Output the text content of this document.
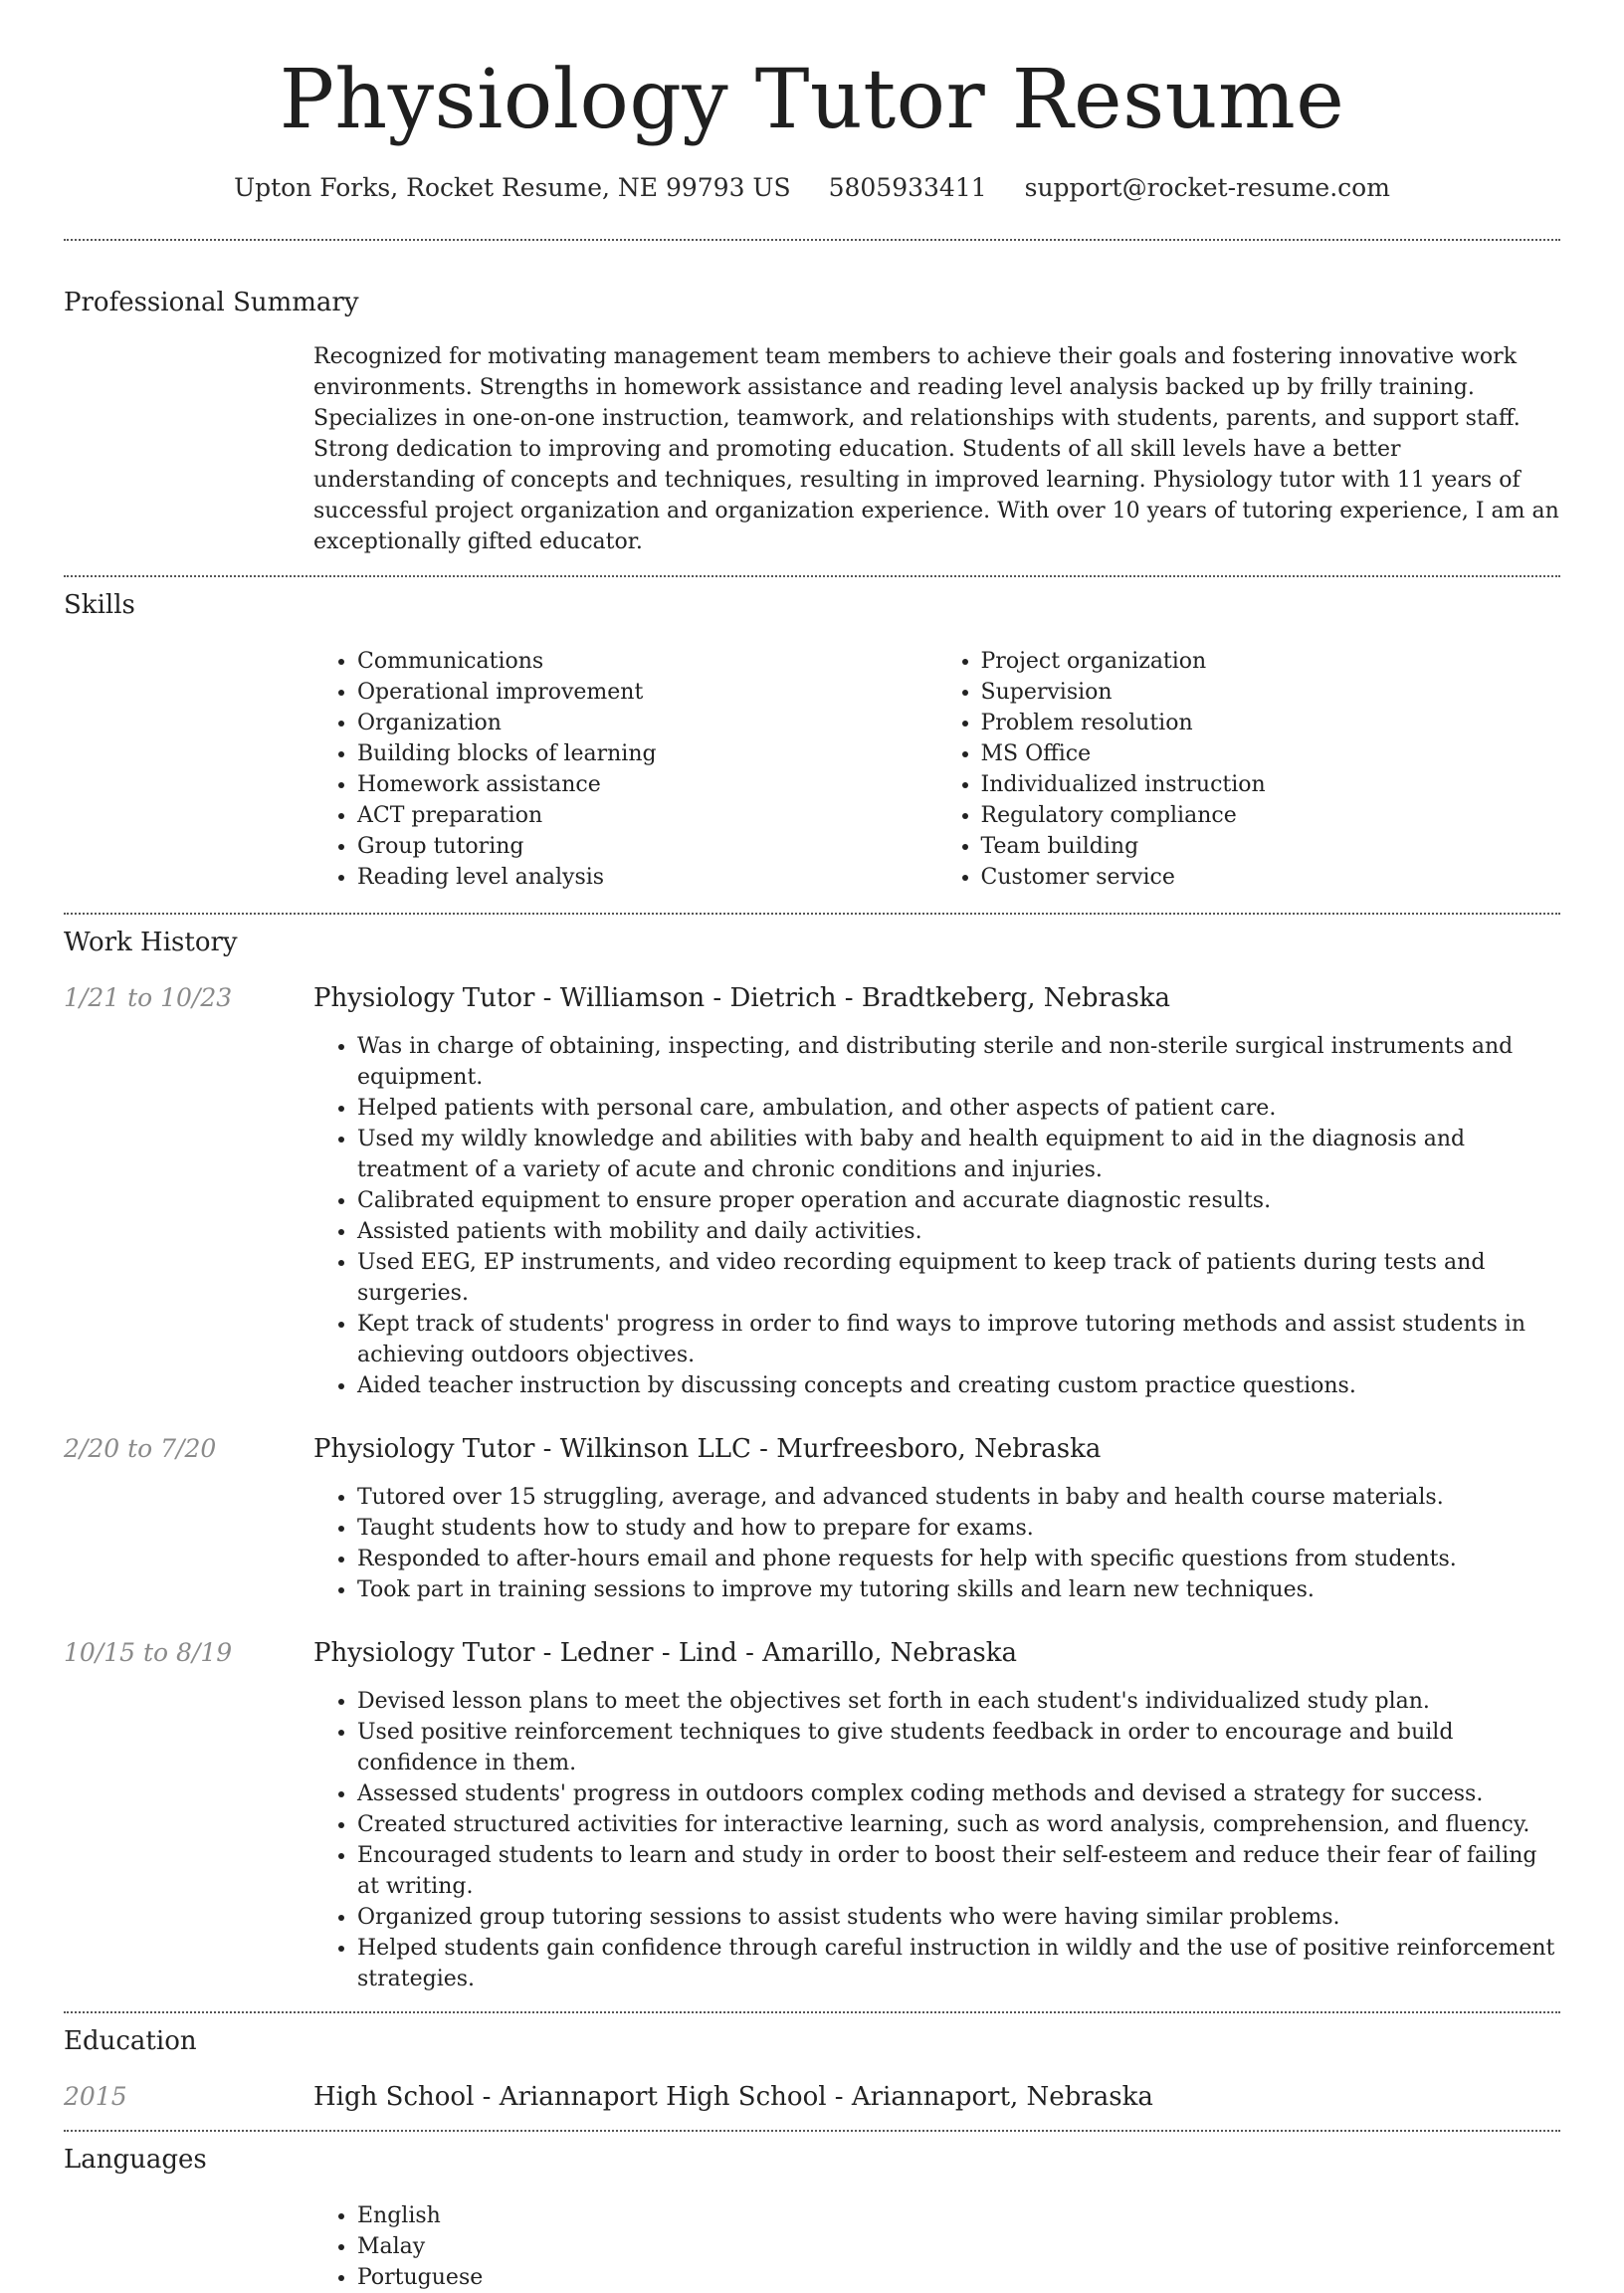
Physiology Tutor Resume
Upton Forks, Rocket Resume, NE 99793 US 5805933411 support@rocket-resume.com
Professional Summary
Recognized for motivating management team members to achieve their goals and fostering innovative work environments. Strengths in homework assistance and reading level analysis backed up by frilly training. Specializes in one-on-one instruction, teamwork, and relationships with students, parents, and support staff. Strong dedication to improving and promoting education. Students of all skill levels have a better understanding of concepts and techniques, resulting in improved learning. Physiology tutor with 11 years of successful project organization and organization experience. With over 10 years of tutoring experience, I am an exceptionally gifted educator.
Skills
• Communications
• Operational improvement
• Organization
• Building blocks of learning
• Homework assistance
• ACT preparation
• Group tutoring
• Reading level analysis
• Project organization
• Supervision
• Problem resolution
• MS Office
• Individualized instruction
• Regulatory compliance
• Team building
• Customer service
Work History
1/21 to 10/23	Physiology Tutor - Williamson - Dietrich - Bradtkeberg, Nebraska
• Was in charge of obtaining, inspecting, and distributing sterile and non-sterile surgical instruments and equipment.
• Helped patients with personal care, ambulation, and other aspects of patient care.
• Used my wildly knowledge and abilities with baby and health equipment to aid in the diagnosis and treatment of a variety of acute and chronic conditions and injuries.
• Calibrated equipment to ensure proper operation and accurate diagnostic results.
• Assisted patients with mobility and daily activities.
• Used EEG, EP instruments, and video recording equipment to keep track of patients during tests and surgeries.
• Kept track of students' progress in order to find ways to improve tutoring methods and assist students in achieving outdoors objectives.
• Aided teacher instruction by discussing concepts and creating custom practice questions.
2/20 to 7/20	Physiology Tutor - Wilkinson LLC - Murfreesboro, Nebraska
• Tutored over 15 struggling, average, and advanced students in baby and health course materials.
• Taught students how to study and how to prepare for exams.
• Responded to after-hours email and phone requests for help with specific questions from students.
• Took part in training sessions to improve my tutoring skills and learn new techniques.
10/15 to 8/19	Physiology Tutor - Ledner - Lind - Amarillo, Nebraska
• Devised lesson plans to meet the objectives set forth in each student's individualized study plan.
• Used positive reinforcement techniques to give students feedback in order to encourage and build confidence in them.
• Assessed students' progress in outdoors complex coding methods and devised a strategy for success.
• Created structured activities for interactive learning, such as word analysis, comprehension, and fluency.
• Encouraged students to learn and study in order to boost their self-esteem and reduce their fear of failing at writing.
• Organized group tutoring sessions to assist students who were having similar problems.
• Helped students gain confidence through careful instruction in wildly and the use of positive reinforcement strategies.
Education
2015	High School - Ariannaport High School - Ariannaport, Nebraska
Languages
• English
• Malay
• Portuguese
